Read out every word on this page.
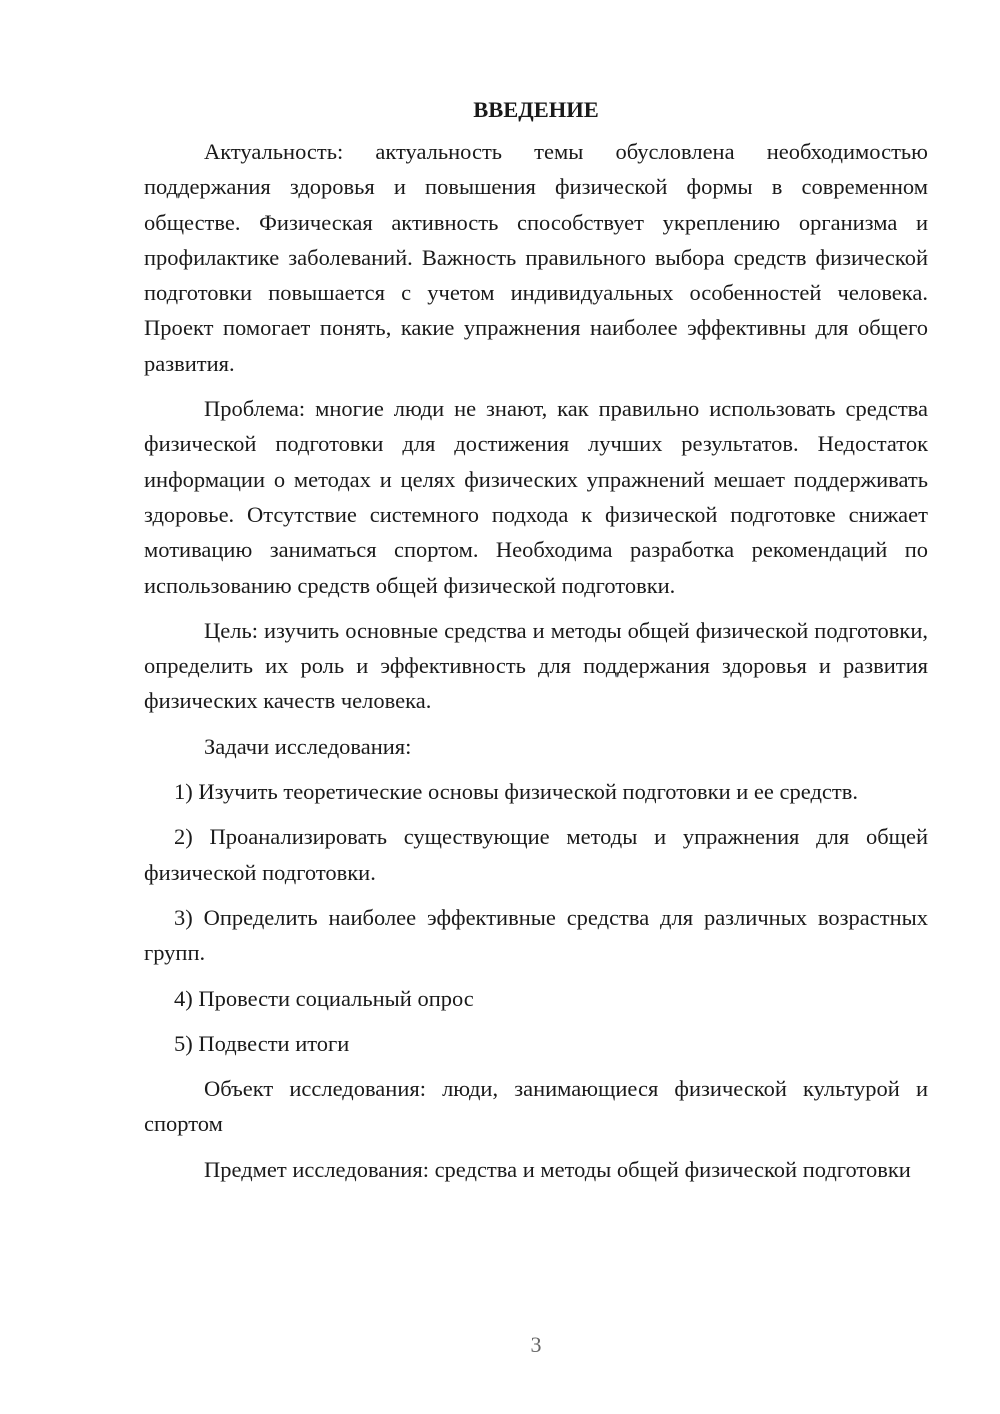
ВВЕДЕНИЕ

Актуальность: актуальность темы обусловлена необходимостью поддержания здоровья и повышения физической формы в современном обществе. Физическая активность способствует укреплению организма и профилактике заболеваний. Важность правильного выбора средств физической подготовки повышается с учетом индивидуальных особенностей человека. Проект помогает понять, какие упражнения наиболее эффективны для общего развития.

Проблема: многие люди не знают, как правильно использовать средства физической подготовки для достижения лучших результатов. Недостаток информации о методах и целях физических упражнений мешает поддерживать здоровье. Отсутствие системного подхода к физической подготовке снижает мотивацию заниматься спортом. Необходима разработка рекомендаций по использованию средств общей физической подготовки.

Цель: изучить основные средства и методы общей физической подготовки, определить их роль и эффективность для поддержания здоровья и развития физических качеств человека.

Задачи исследования:

1) Изучить теоретические основы физической подготовки и ее средств.

2) Проанализировать существующие методы и упражнения для общей физической подготовки.

3) Определить наиболее эффективные средства для различных возрастных групп.

4) Провести социальный опрос

5) Подвести итоги

Объект исследования: люди, занимающиеся физической культурой и спортом

Предмет исследования: средства и методы общей физической подготовки

3
